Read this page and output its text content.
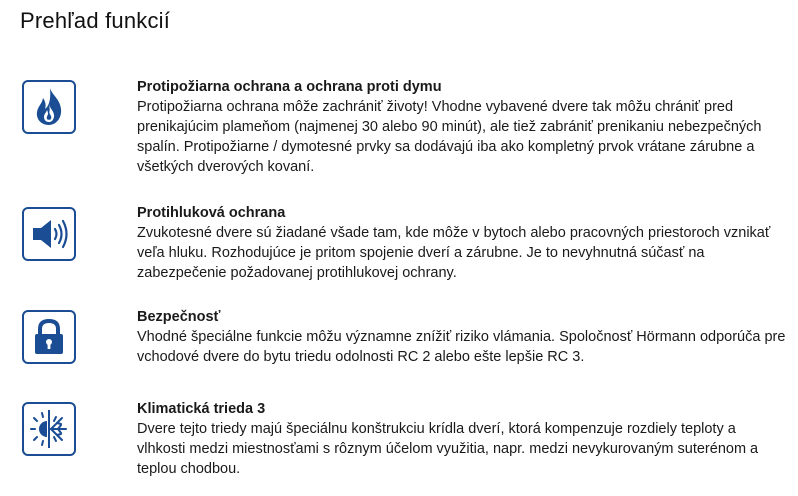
Prehľad funkcií
Protipožiarna ochrana a ochrana proti dymu
Protipožiarna ochrana môže zachrániť životy! Vhodne vybavené dvere tak môžu chrániť pred prenikajúcim plameňom (najmenej 30 alebo 90 minút), ale tiež zabrániť prenikaniu nebezpečných spalín. Protipožiarne / dymotesné prvky sa dodávajú iba ako kompletný prvok vrátane zárubne a všetkých dverových kovaní.
Protihluková ochrana
Zvukotesné dvere sú žiadané všade tam, kde môže v bytoch alebo pracovných priestoroch vznikať veľa hluku. Rozhodujúce je pritom spojenie dverí a zárubne. Je to nevyhnutná súčasť na zabezpečenie požadovanej protihlukovej ochrany.
Bezpečnosť
Vhodné špeciálne funkcie môžu významne znížiť riziko vlámania. Spoločnosť Hörmann odporúča pre vchodové dvere do bytu triedu odolnosti RC 2 alebo ešte lepšie RC 3.
Klimatická trieda 3
Dvere tejto triedy majú špeciálnu konštrukciu krídla dverí, ktorá kompenzuje rozdiely teploty a vlhkosti medzi miestnosťami s rôznym účelom využitia, napr. medzi nevykurovaným suterénom a teplou chodbou.
